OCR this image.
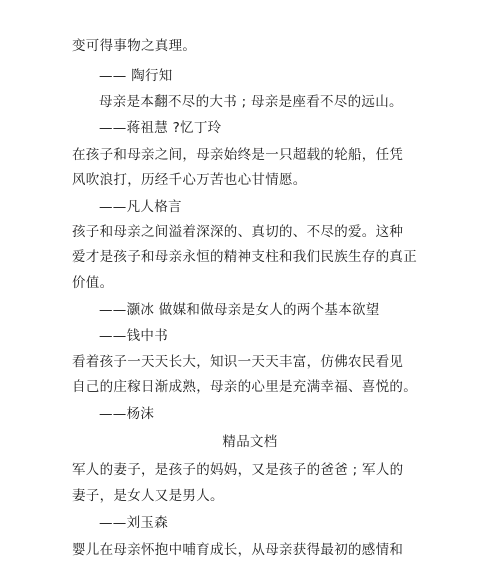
变可得事物之真理。
—— 陶行知
母亲是本翻不尽的大书 ; 母亲是座看不尽的远山。
——蒋祖慧 ?忆丁玲
在孩子和母亲之间，母亲始终是一只超载的轮船，任凭
风吹浪打，历经千心万苦也心甘情愿。
——凡人格言
孩子和母亲之间溢着深深的、真切的、不尽的爱。这种
爱才是孩子和母亲永恒的精神支柱和我们民族生存的真正
价值。
——灏冰 做媒和做母亲是女人的两个基本欲望
——钱中书
看着孩子一天天长大，知识一天天丰富，仿佛农民看见
自己的庄稼日渐成熟，母亲的心里是充满幸福、喜悦的。
——杨沫
精品文档
军人的妻子，是孩子的妈妈，又是孩子的爸爸 ; 军人的
妻子，是女人又是男人。
——刘玉森
婴儿在母亲怀抱中哺育成长，从母亲获得最初的感情和
